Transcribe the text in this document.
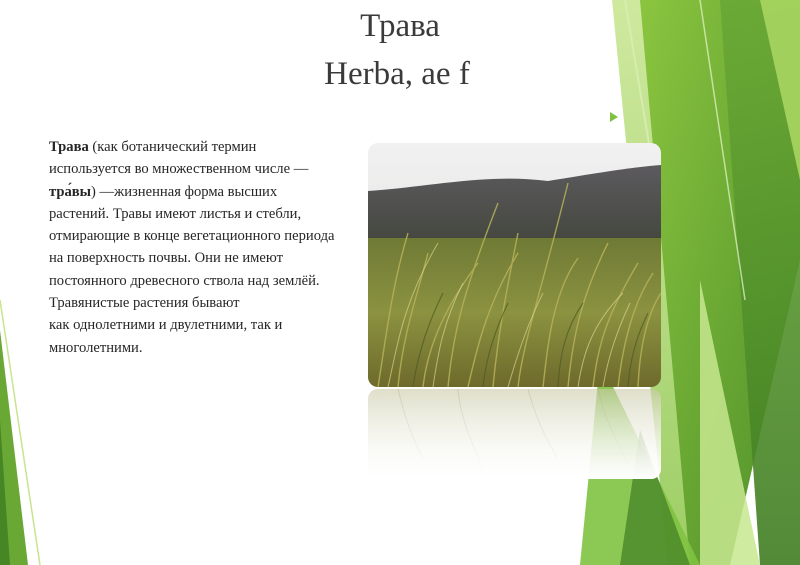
Трава
Herba, ae f

Трава (как ботанический термин используется во множественном числе — травы) —жизненная форма высших растений. Травы имеют листья и стебли, отмирающие в конце вегетационного периода на поверхность почвы. Они не имеют постоянного древесного ствола над землёй. Травянистые растения бывают
как однолетними и двулетними, так и многолетними.
